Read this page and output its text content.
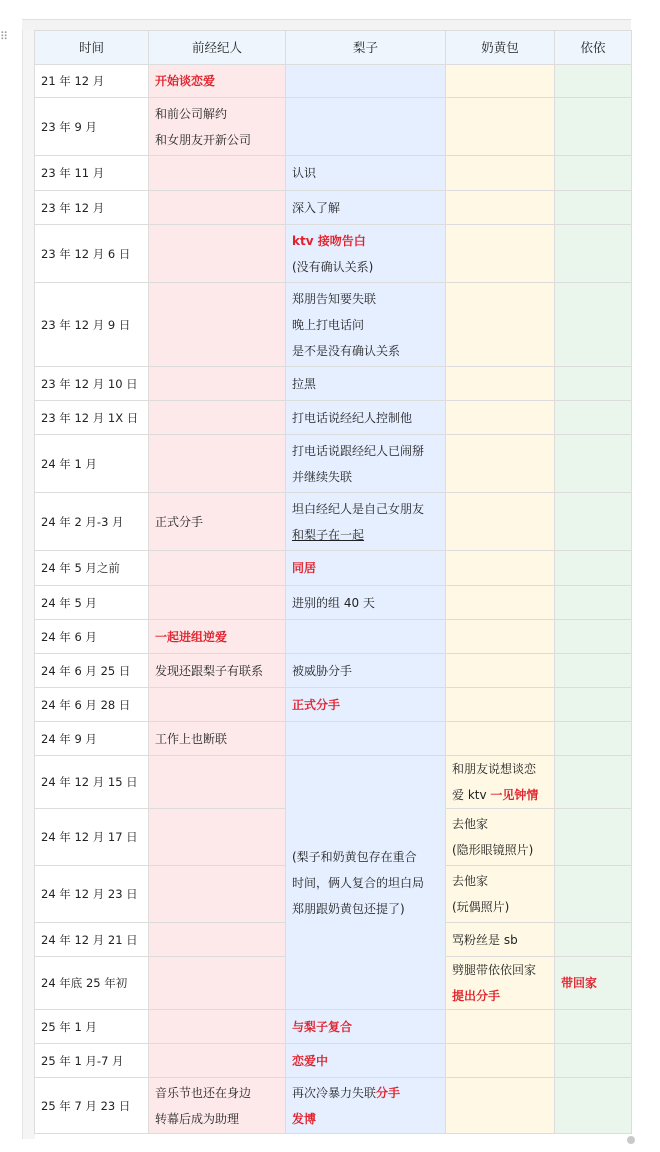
⠿
时间	前经纪人	梨子	奶黄包	依依
21 年 12 月	开始谈恋爱			

23 年 9 月	和前公司解约
和女朋友开新公司			

23 年 11 月		认识		

23 年 12 月		深入了解		

23 年 12 月 6 日		ktv 接吻告白
(没有确认关系)		

23 年 12 月 9 日		郑朋告知要失联
晚上打电话问
是不是没有确认关系		

23 年 12 月 10 日		拉黑		

23 年 12 月 1X 日		打电话说经纪人控制他		

24 年 1 月		打电话说跟经纪人已闹掰
并继续失联		

24 年 2 月-3 月	正式分手	坦白经纪人是自己女朋友
和梨子在一起		

24 年 5 月之前		同居		

24 年 5 月		进别的组 40 天		

24 年 6 月	一起进组逆爱			

24 年 6 月 25 日	发现还跟梨子有联系	被威胁分手		

24 年 6 月 28 日		正式分手		

24 年 9 月	工作上也断联			

24 年 12 月 15 日		(梨子和奶黄包存在重合
时间，俩人复合的坦白局
郑朋跟奶黄包还提了)	和朋友说想谈恋
爱 ktv 一见钟情	

24 年 12 月 17 日			去他家
(隐形眼镜照片)	

24 年 12 月 23 日			去他家
(玩偶照片)	

24 年 12 月 21 日			骂粉丝是 sb	

24 年底 25 年初			劈腿带依依回家
提出分手	带回家

25 年 1 月		与梨子复合		

25 年 1 月-7 月		恋爱中		

25 年 7 月 23 日	音乐节也还在身边
转幕后成为助理	再次冷暴力失联分手
发博		
